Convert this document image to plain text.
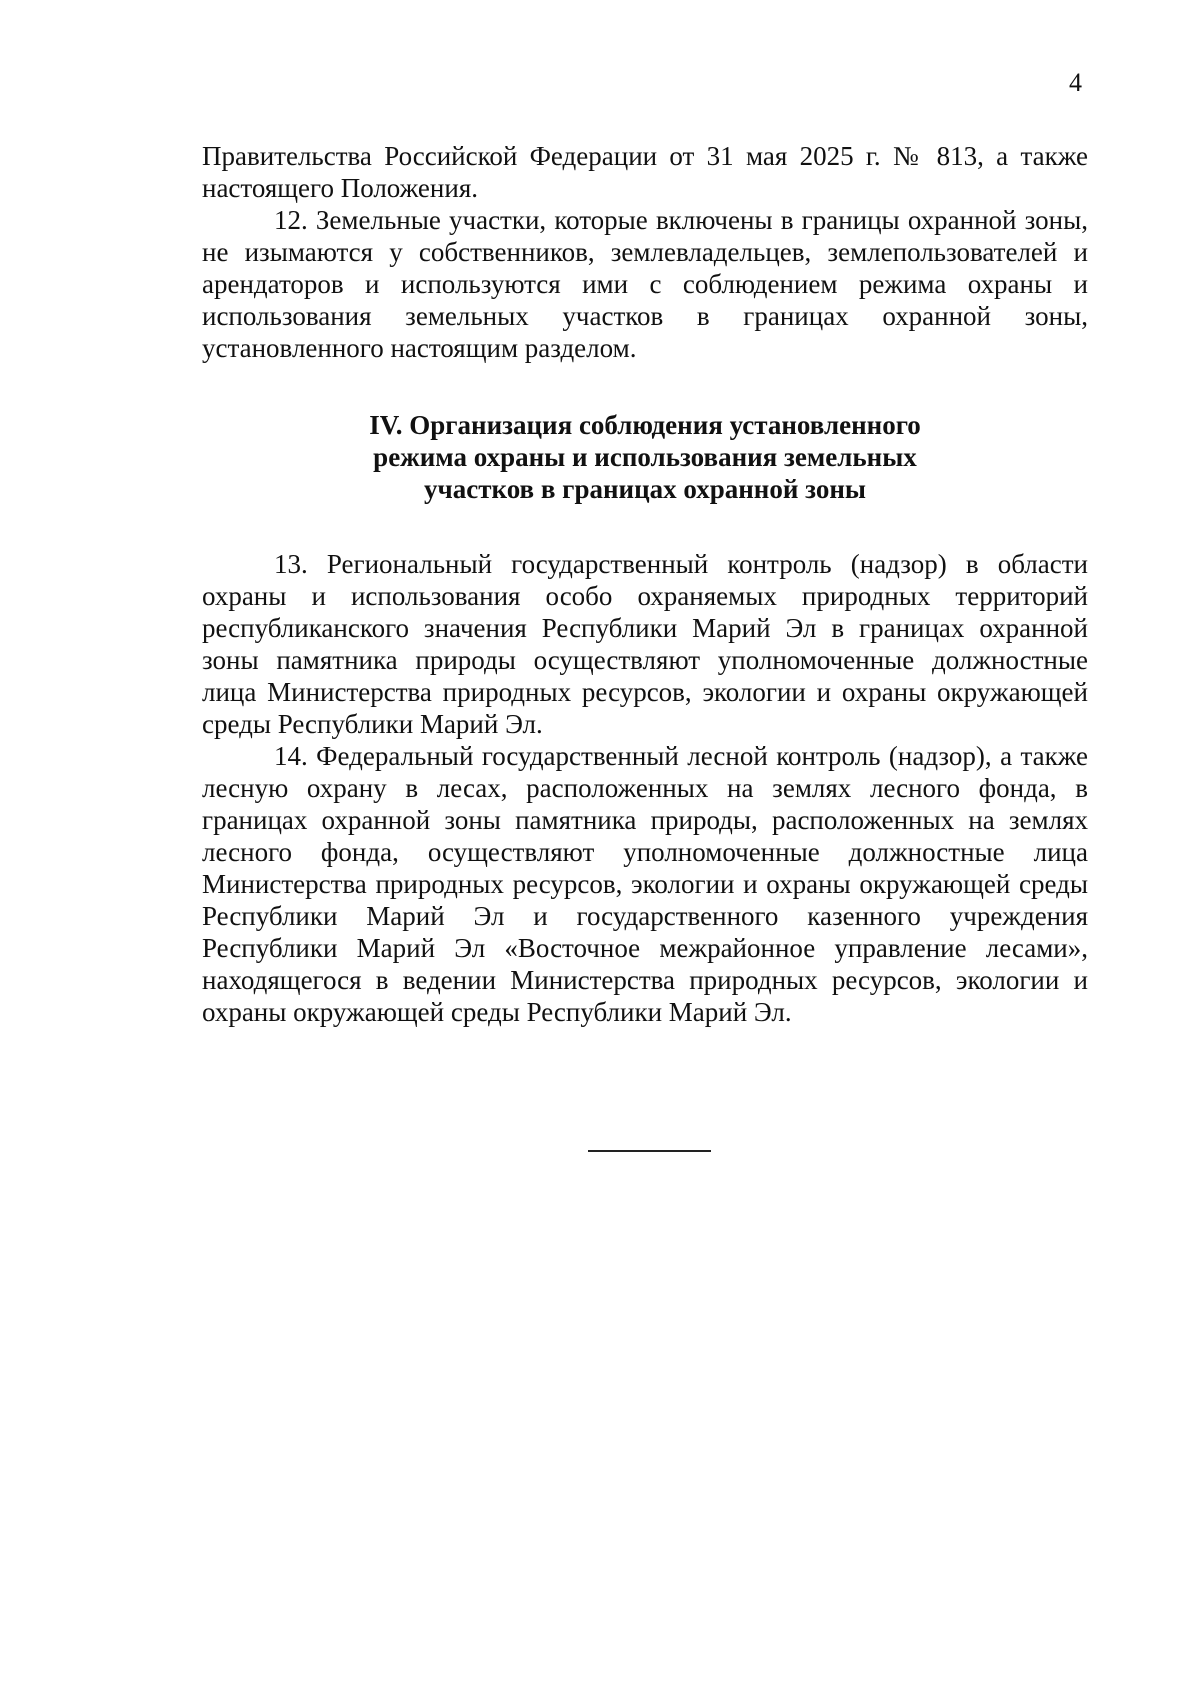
4

Правительства Российской Федерации от 31 мая 2025 г. № 813, а также настоящего Положения.

12. Земельные участки, которые включены в границы охранной зоны, не изымаются у собственников, землевладельцев, землепользователей и арендаторов и используются ими с соблюдением режима охраны и использования земельных участков в границах охранной зоны, установленного настоящим разделом.

IV. Организация соблюдения установленного
режима охраны и использования земельных
участков в границах охранной зоны

13. Региональный государственный контроль (надзор) в области охраны и использования особо охраняемых природных территорий республиканского значения Республики Марий Эл в границах охранной зоны памятника природы осуществляют уполномоченные должностные лица Министерства природных ресурсов, экологии и охраны окружающей среды Республики Марий Эл.

14. Федеральный государственный лесной контроль (надзор), а также лесную охрану в лесах, расположенных на землях лесного фонда, в границах охранной зоны памятника природы, расположенных на землях лесного фонда, осуществляют уполномоченные должностные лица Министерства природных ресурсов, экологии и охраны окружающей среды Республики Марий Эл и государственного казенного учреждения Республики Марий Эл «Восточное межрайонное управление лесами», находящегося в ведении Министерства природных ресурсов, экологии и охраны окружающей среды Республики Марий Эл.
